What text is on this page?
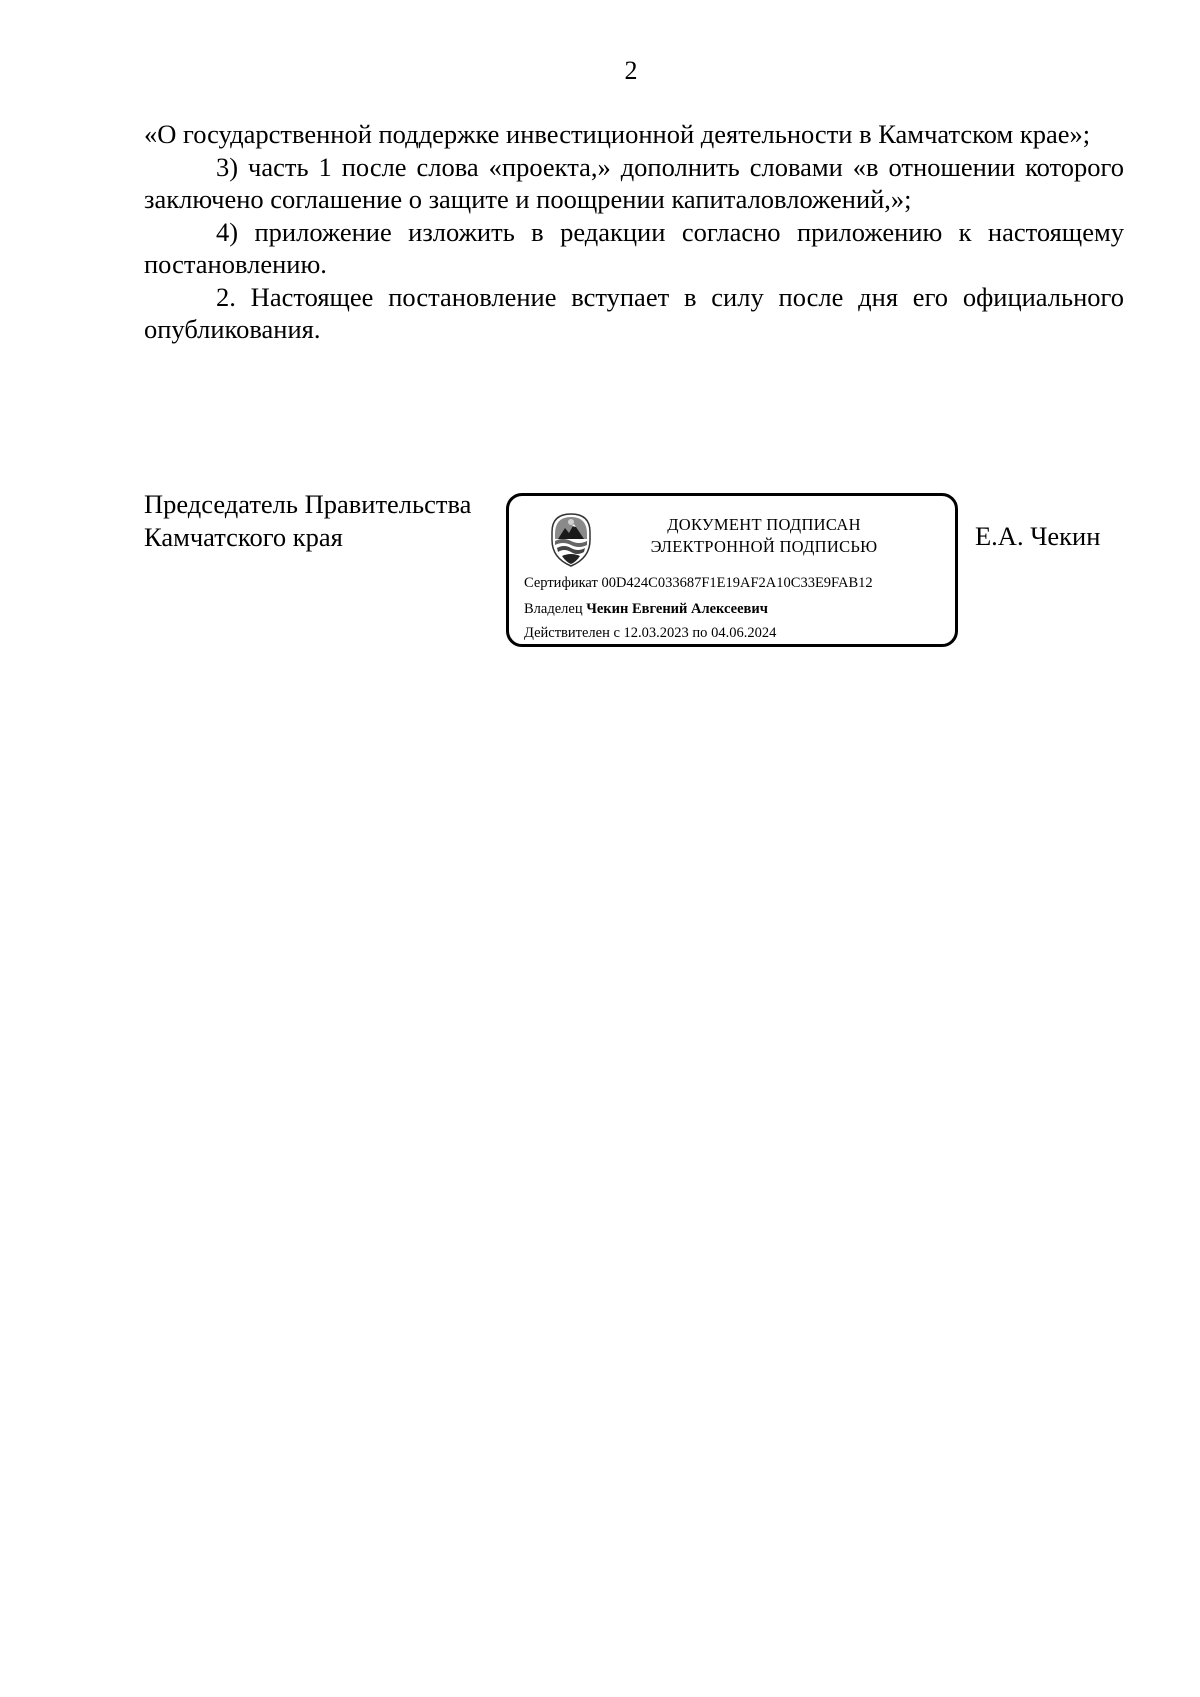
2

«О государственной поддержке инвестиционной деятельности в Камчатском крае»;

3) часть 1 после слова «проекта,» дополнить словами «в отношении которого заключено соглашение о защите и поощрении капиталовложений,»;

4) приложение изложить в редакции согласно приложению к настоящему постановлению.

2. Настоящее постановление вступает в силу после дня его официального опубликования.

Председатель Правительства
Камчатского края	ДОКУМЕНТ ПОДПИСАН
ЭЛЕКТРОННОЙ ПОДПИСЬЮ
Сертификат 00D424C033687F1E19AF2A10C33E9FAB12
Владелец Чекин Евгений Алексеевич
Действителен с 12.03.2023 по 04.06.2024
Е.А. Чекин
